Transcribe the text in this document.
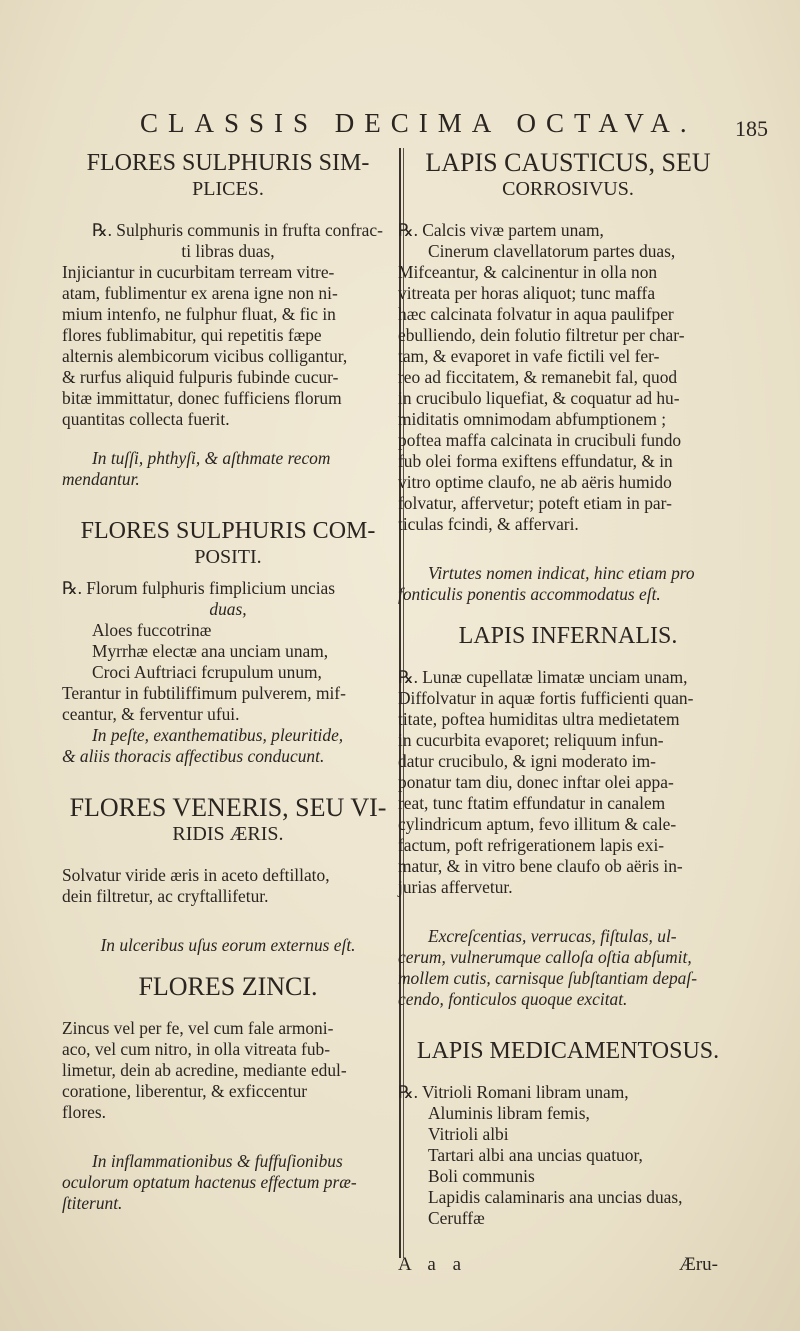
CLASSIS DECIMA OCTAVA. 185

FLORES SULPHURIS SIM-

PLICES.

℞. Sulphuris communis in frufta confrac-

ti libras duas,

Injiciantur in cucurbitam terream vitre-

atam, fublimentur ex arena igne non ni-

mium intenfo, ne fulphur fluat, & fic in

flores fublimabitur, qui repetitis fæpe

alternis alembicorum vicibus colligantur,

& rurfus aliquid fulpuris fubinde cucur-

bitæ immittatur, donec fufficiens florum

quantitas collecta fuerit.

In tuſſi, phthyſi, & aſthmate recom

mendantur.

FLORES SULPHURIS COM-

POSITI.

℞. Florum fulphuris fimplicium uncias

duas,

Aloes fuccotrinæ

Myrrhæ electæ ana unciam unam,

Croci Auftriaci fcrupulum unum,

Terantur in fubtiliffimum pulverem, mif-

ceantur, & ferventur ufui.

In peſte, exanthematibus, pleuritide,

& aliis thoracis affectibus conducunt.

FLORES VENERIS, SEU VI-

RIDIS ÆRIS.

Solvatur viride æris in aceto deftillato,

dein filtretur, ac cryftallifetur.

In ulceribus uſus eorum externus eſt.

FLORES ZINCI.

Zincus vel per fe, vel cum fale armoni-

aco, vel cum nitro, in olla vitreata fub-

limetur, dein ab acredine, mediante edul-

coratione, liberentur, & exficcentur

flores.

In inflammationibus & fuffuſionibus

oculorum optatum hactenus effectum præ-

ſtiterunt.

LAPIS CAUSTICUS, SEU

CORROSIVUS.

℞. Calcis vivæ partem unam,

Cinerum clavellatorum partes duas,

Mifceantur, & calcinentur in olla non

vitreata per horas aliquot; tunc maffa

hæc calcinata folvatur in aqua paulifper

ebulliendo, dein folutio filtretur per char-

tam, & evaporet in vafe fictili vel fer-

reo ad ficcitatem, & remanebit fal, quod

in crucibulo liquefiat, & coquatur ad hu-

miditatis omnimodam abfumptionem ;

poftea maffa calcinata in crucibuli fundo

fub olei forma exiftens effundatur, & in

vitro optime claufo, ne ab aëris humido

folvatur, affervetur; poteft etiam in par-

ticulas fcindi, & affervari.

Virtutes nomen indicat, hinc etiam pro

fonticulis ponentis accommodatus eſt.

LAPIS INFERNALIS.

℞. Lunæ cupellatæ limatæ unciam unam,

Diffolvatur in aquæ fortis fufficienti quan-

titate, poftea humiditas ultra medietatem

in cucurbita evaporet; reliquum infun-

datur crucibulo, & igni moderato im-

ponatur tam diu, donec inftar olei appa-

reat, tunc ftatim effundatur in canalem

cylindricum aptum, fevo illitum & cale-

factum, poft refrigerationem lapis exi-

matur, & in vitro bene claufo ob aëris in-

jurias affervetur.

Excreſcentias, verrucas, fiſtulas, ul-

cerum, vulnerumque calloſa oſtia abſumit,

mollem cutis, carnisque ſubſtantiam depaſ-

cendo, fonticulos quoque excitat.

LAPIS MEDICAMENTOSUS.

℞. Vitrioli Romani libram unam,

Aluminis libram femis,

Vitrioli albi

Tartari albi ana uncias quatuor,

Boli communis

Lapidis calaminaris ana uncias duas,

Ceruffæ

A a a	Æru-
